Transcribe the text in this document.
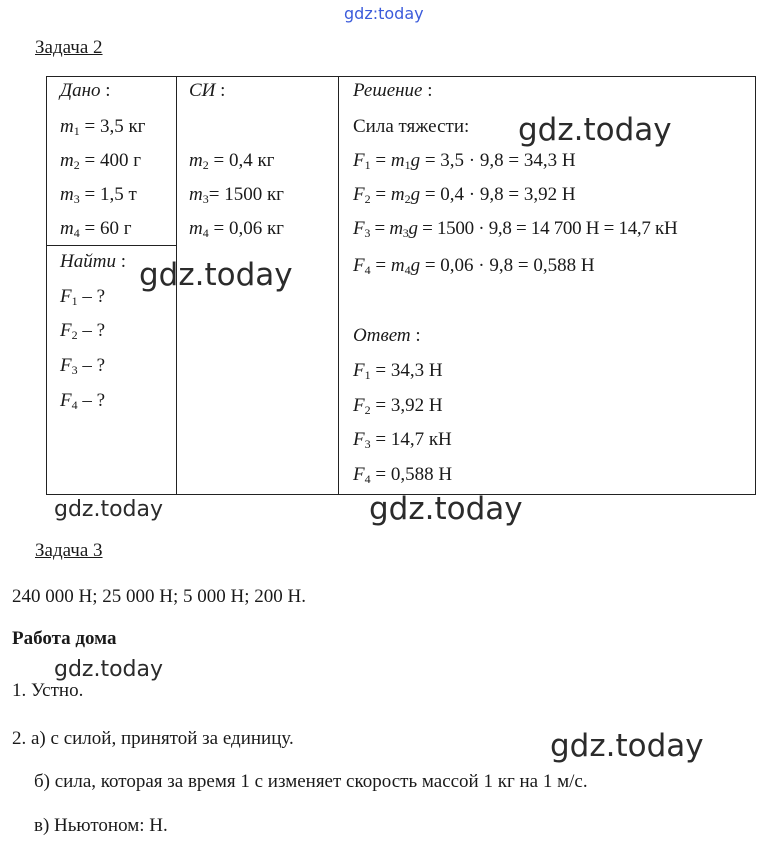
gdz:today
Задача 2
Дано :
$m_1 = 3,5$ кг
$m_2 = 400$ г
$m_3 = 1,5$ т
$m_4 = 60$ г
Найти :
$F_1$ – ?
$F_2$ – ?
$F_3$ – ?
$F_4$ – ?
СИ :
$m_2 = 0,4$ кг
$m_3= 1500$ кг
$m_4 = 0,06$ кг
Решение :
Сила тяжести:
$F_1 = m_1g = 3,5 \cdot 9,8 = 34,3$ Н
$F_2 = m_2g = 0,4 \cdot 9,8 = 3,92$ Н
$F_3 = m_3g = 1500 \cdot 9,8 = 14$ 700 Н = 14,7 кН
$F_4 = m_4g = 0,06 \cdot 9,8 = 0,588$ Н
Ответ :
$F_1 = 34,3$ Н
$F_2 = 3,92$ Н
$F_3 = 14,7$ кН
$F_4 = 0,588$ Н
Задача 3
240 000 Н; 25 000 Н; 5 000 Н; 200 Н.
Работа дома
1. Устно.
2. а) с силой, принятой за единицу.
б) сила, которая за время 1 с изменяет скорость массой 1 кг на 1 м/с.
в) Ньютоном: Н.
gdz.today
gdz.today
gdz.today	gdz.today
gdz.today
gdz.today
